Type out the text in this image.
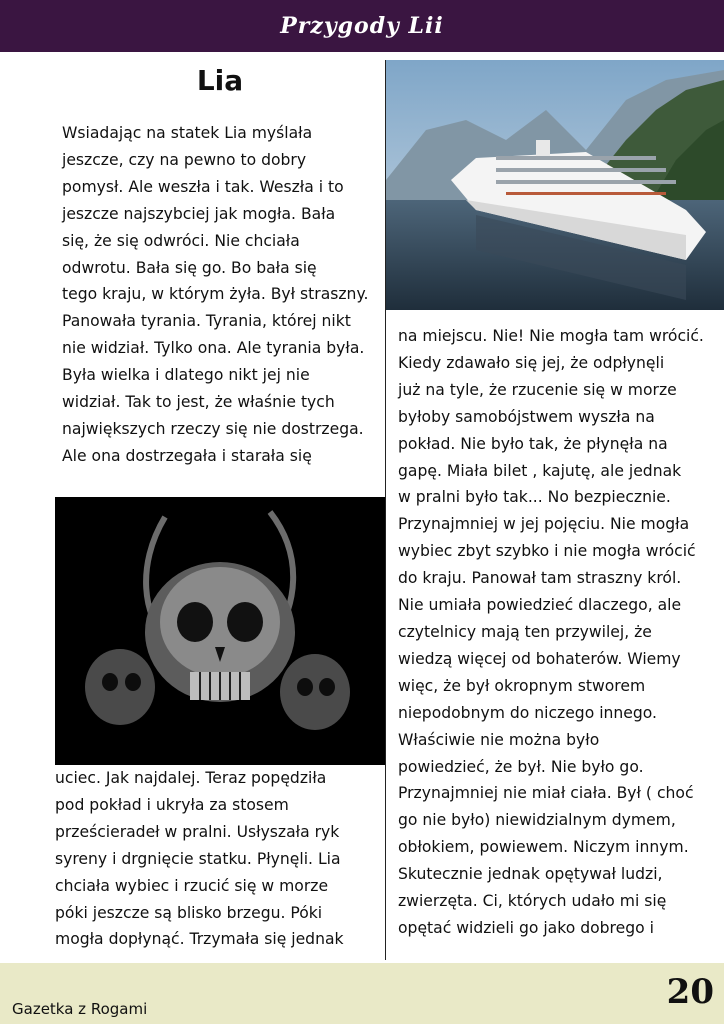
Przygody Lii
Lia
Wsiadając na statek Lia myślała
jeszcze, czy na pewno to dobry
pomysł. Ale weszła i tak. Weszła i to
jeszcze najszybciej jak mogła. Bała
się, że się odwróci. Nie chciała
odwrotu. Bała się go. Bo bała się
tego kraju, w którym żyła. Był straszny.
Panowała tyrania. Tyrania, której nikt
nie widział. Tylko ona. Ale tyrania była.
Była wielka i dlatego nikt jej nie
widział. Tak to jest, że właśnie tych
największych rzeczy się nie dostrzega.
Ale ona dostrzegała i starała się
uciec. Jak najdalej. Teraz popędziła
pod pokład i ukryła za stosem
prześcieradeł w pralni. Usłyszała ryk
syreny i drgnięcie statku. Płynęli. Lia
chciała wybiec i rzucić się w morze
póki jeszcze są blisko brzegu. Póki
mogła dopłynąć. Trzymała się jednak
na miejscu. Nie! Nie mogła tam wrócić.
Kiedy zdawało się jej, że odpłynęli
już na tyle, że rzucenie się w morze
byłoby samobójstwem wyszła na
pokład. Nie było tak, że płynęła na
gapę. Miała bilet , kajutę, ale jednak
w pralni było tak... No bezpiecznie.
Przynajmniej w jej pojęciu. Nie mogła
wybiec zbyt szybko i nie mogła wrócić
do kraju. Panował tam straszny król.
Nie umiała powiedzieć dlaczego, ale
czytelnicy mają ten przywilej, że
wiedzą więcej od bohaterów. Wiemy
więc, że był okropnym stworem
niepodobnym do niczego innego.
Właściwie nie można było
powiedzieć, że był. Nie było go.
Przynajmniej nie miał ciała. Był ( choć
go nie było) niewidzialnym dymem,
obłokiem, powiewem. Niczym innym.
Skutecznie jednak opętywał ludzi,
zwierzęta. Ci, których udało mi się
opętać widzieli go jako dobrego i
Gazetka z Rogami	20
